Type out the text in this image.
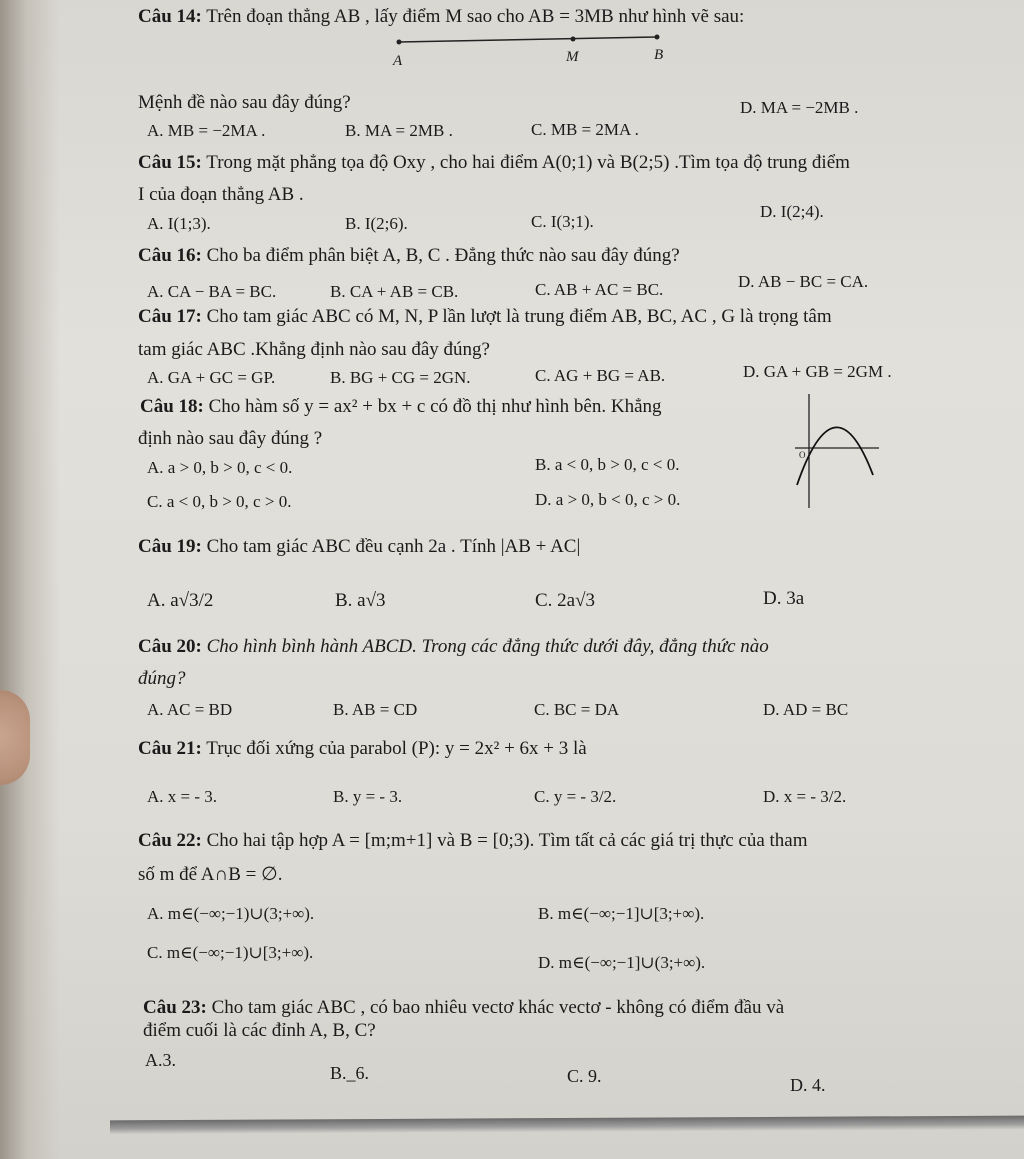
Câu 14: Trên đoạn thẳng AB , lấy điểm M sao cho AB = 3MB như hình vẽ sau:
A	M	B
Mệnh đề nào sau đây đúng?
A. MB = −2MA .	B. MA = 2MB .	C. MB = 2MA .
D. MA = −2MB .
Câu 15: Trong mặt phẳng tọa độ Oxy , cho hai điểm A(0;1) và B(2;5) .Tìm tọa độ trung điểm
I của đoạn thẳng AB .
A. I(1;3).	B. I(2;6).	C. I(3;1).
D. I(2;4).
Câu 16: Cho ba điểm phân biệt A, B, C . Đẳng thức nào sau đây đúng?
A. CA − BA = BC.	B. CA + AB = CB.	C. AB + AC = BC.	D. AB − BC = CA.
Câu 17: Cho tam giác ABC có M, N, P lần lượt là trung điểm AB, BC, AC , G là trọng tâm
tam giác ABC .Khẳng định nào sau đây đúng?
A. GA + GC = GP.	B. BG + CG = 2GN.	C. AG + BG = AB.	D. GA + GB = 2GM .
Câu 18: Cho hàm số y = ax² + bx + c có đồ thị như hình bên. Khẳng
định nào sau đây đúng ?
A. a > 0, b > 0, c < 0.	B. a < 0, b > 0, c < 0.
C. a < 0, b > 0, c > 0.	D. a > 0, b < 0, c > 0.
O
Câu 19: Cho tam giác ABC đều cạnh 2a . Tính |AB + AC|
A. a√3/2	B. a√3	C. 2a√3	D. 3a
Câu 20: Cho hình bình hành ABCD. Trong các đẳng thức dưới đây, đẳng thức nào
đúng?
A. AC = BD	B. AB = CD	C. BC = DA	D. AD = BC
Câu 21: Trục đối xứng của parabol (P): y = 2x² + 6x + 3 là
A. x = - 3.	B. y = - 3.	C. y = - 3/2.	D. x = - 3/2.
Câu 22: Cho hai tập hợp A = [m;m+1] và B = [0;3). Tìm tất cả các giá trị thực của tham
số m để A∩B = ∅.
A. m∈(−∞;−1)∪(3;+∞).	B. m∈(−∞;−1]∪[3;+∞).
C. m∈(−∞;−1)∪[3;+∞).
D. m∈(−∞;−1]∪(3;+∞).
Câu 23: Cho tam giác ABC , có bao nhiêu vectơ khác vectơ - không có điểm đầu và
điểm cuối là các đỉnh A, B, C?
A.3.
B._6.	C. 9.	D. 4.
